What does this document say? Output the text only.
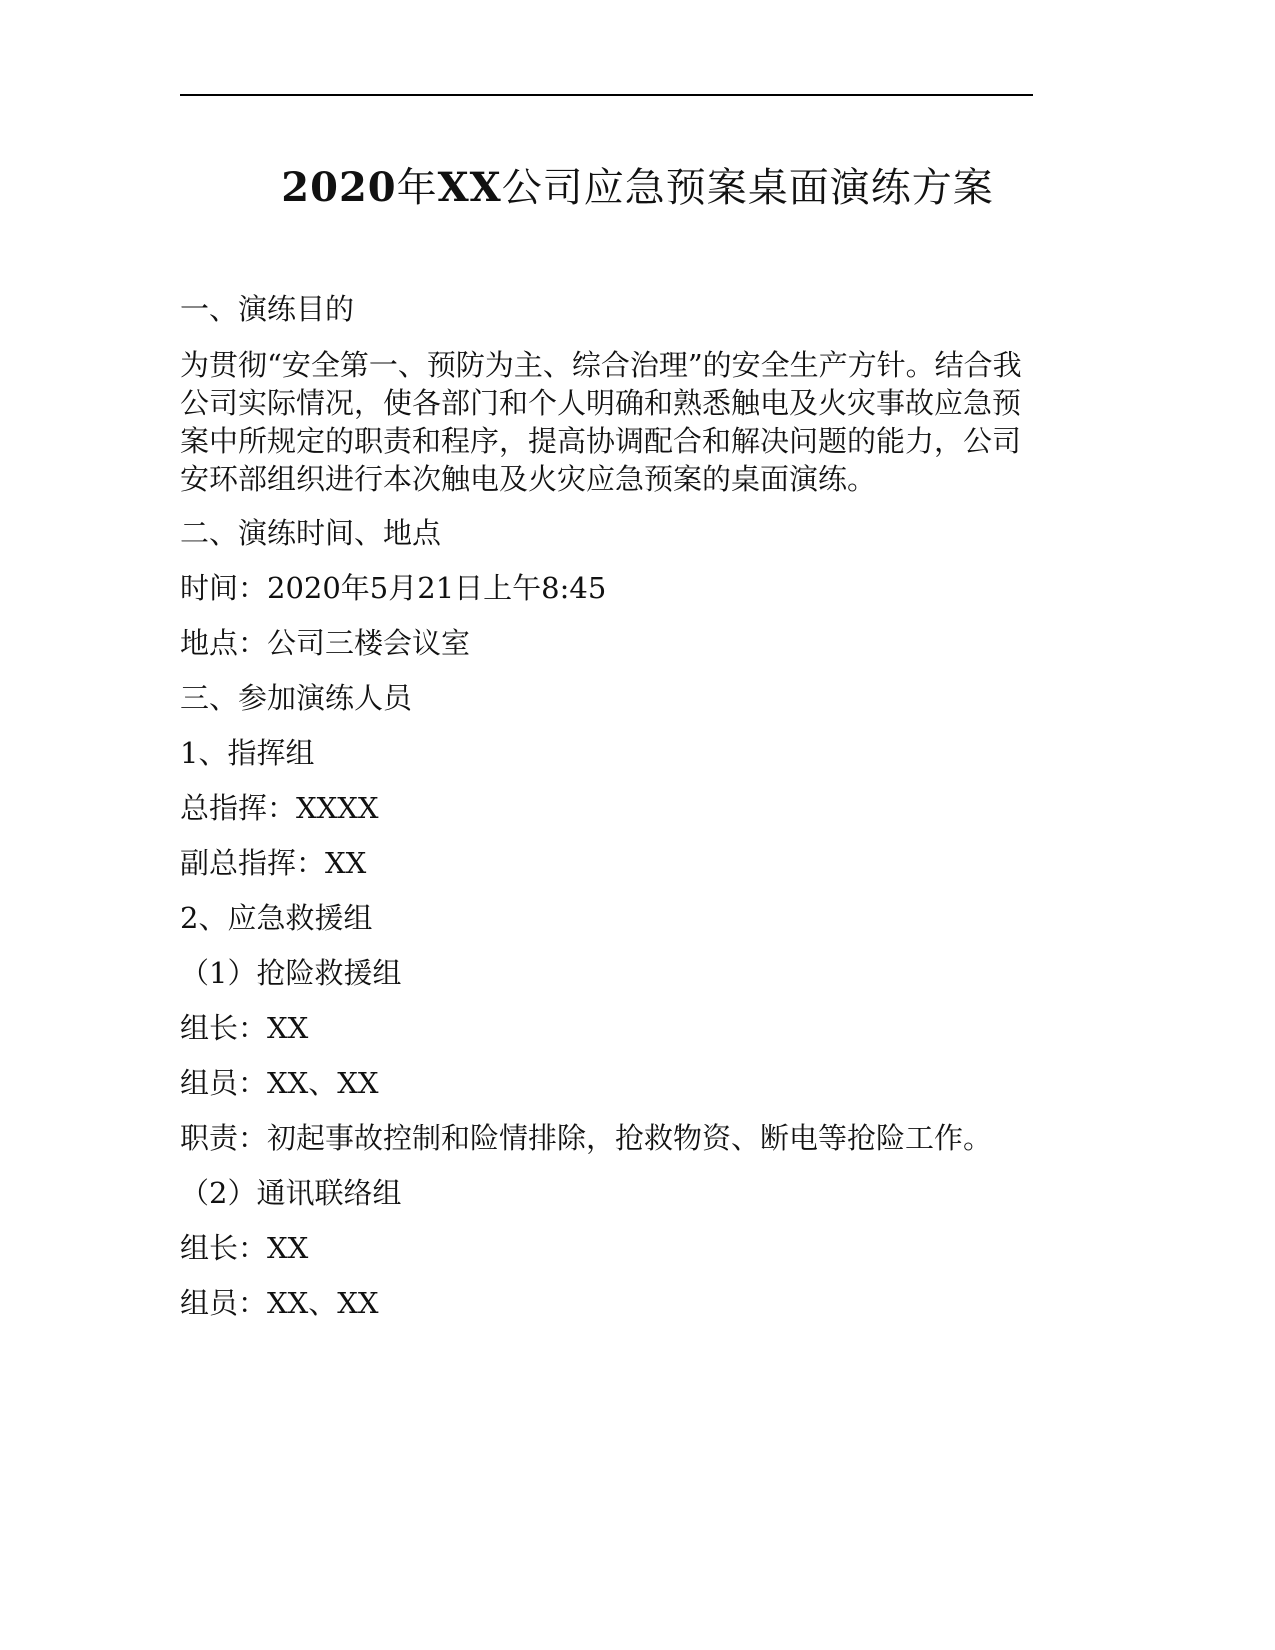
2020年XX公司应急预案桌面演练方案

一、演练目的

为贯彻“安全第一、预防为主、综合治理”的安全生产方针。结合我公司实际情况，使各部门和个人明确和熟悉触电及火灾事故应急预案中所规定的职责和程序，提高协调配合和解决问题的能力，公司安环部组织进行本次触电及火灾应急预案的桌面演练。

二、演练时间、地点

时间：2020年5月21日上午8:45

地点：公司三楼会议室

三、参加演练人员

1、指挥组

总指挥：XXXX

副总指挥：XX

2、应急救援组

（1）抢险救援组

组长：XX

组员：XX、XX

职责：初起事故控制和险情排除，抢救物资、断电等抢险工作。

（2）通讯联络组

组长：XX

组员：XX、XX
